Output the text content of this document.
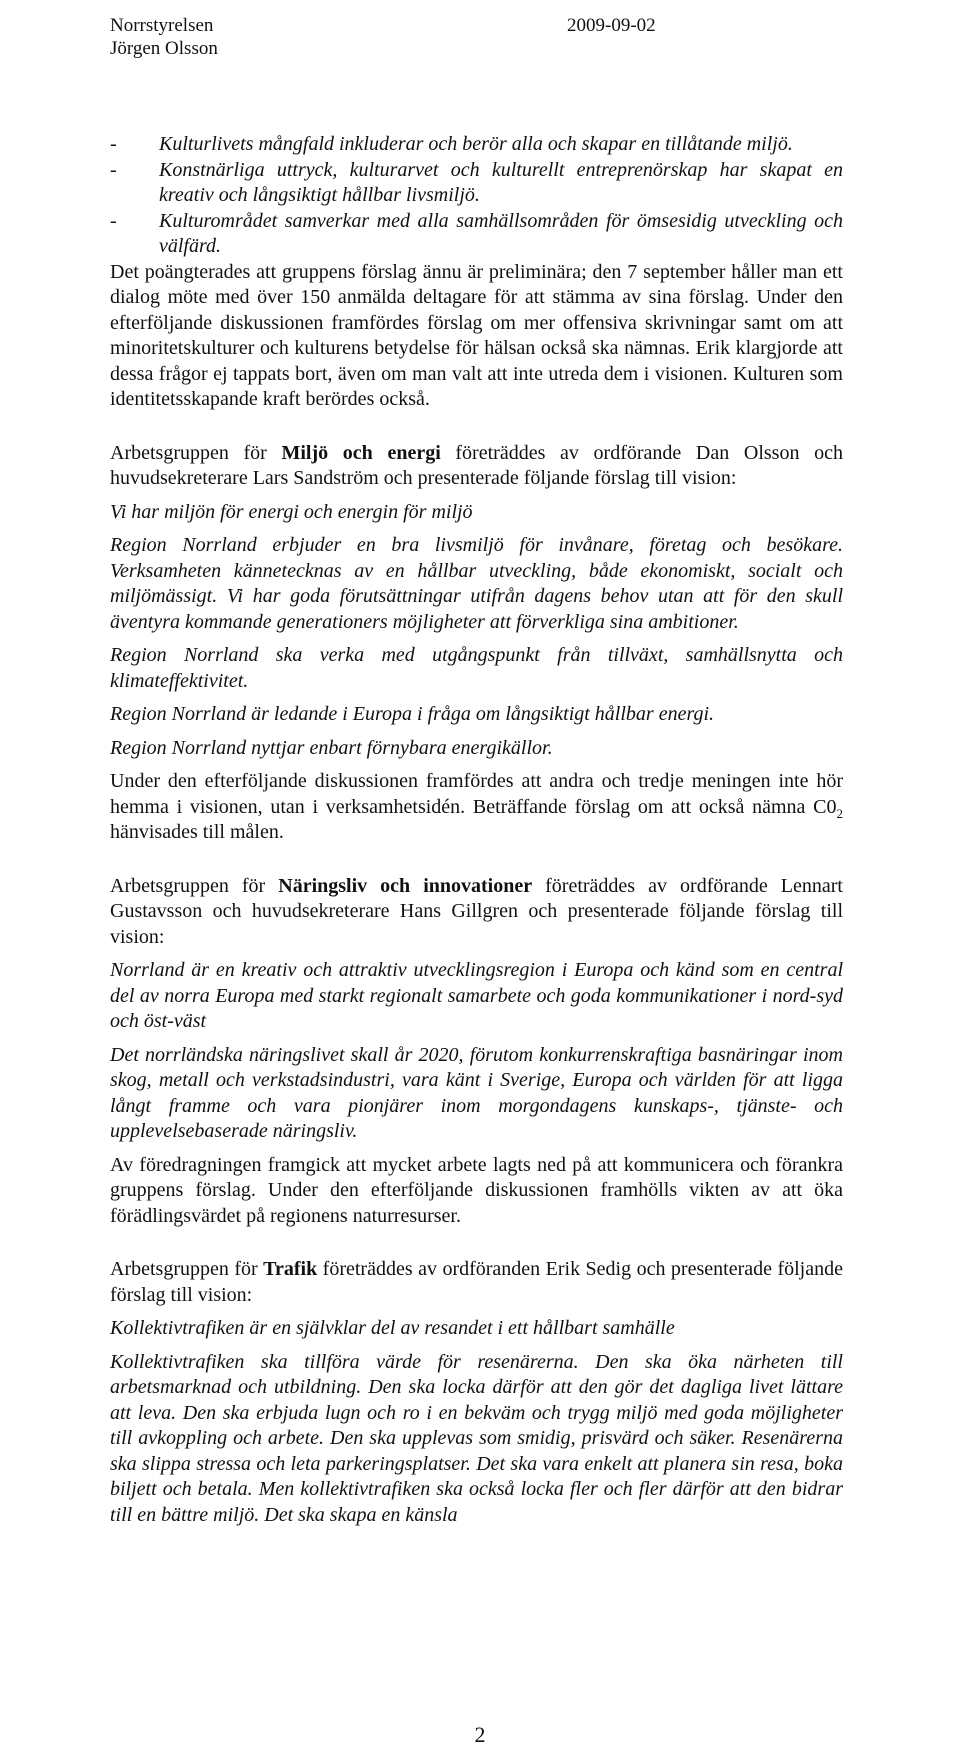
Norrstyrelsen
Jörgen Olsson
2009-09-02

- Kulturlivets mångfald inkluderar och berör alla och skapar en tillåtande miljö.

- Konstnärliga uttryck, kulturarvet och kulturellt entreprenörskap har skapat en kreativ och långsiktigt hållbar livsmiljö.

- Kulturområdet samverkar med alla samhällsområden för ömsesidig utveckling och välfärd.

Det poängterades att gruppens förslag ännu är preliminära; den 7 september håller man ett dialog möte med över 150 anmälda deltagare för att stämma av sina förslag. Under den efterföljande diskussionen framfördes förslag om mer offensiva skrivningar samt om att minoritetskulturer och kulturens betydelse för hälsan också ska nämnas. Erik klargjorde att dessa frågor ej tappats bort, även om man valt att inte utreda dem i visionen. Kulturen som identitetsskapande kraft berördes också.

Arbetsgruppen för Miljö och energi företräddes av ordförande Dan Olsson och huvudsekreterare Lars Sandström och presenterade följande förslag till vision:

Vi har miljön för energi och energin för miljö

Region Norrland erbjuder en bra livsmiljö för invånare, företag och besökare. Verksamheten kännetecknas av en hållbar utveckling, både ekonomiskt, socialt och miljömässigt. Vi har goda förutsättningar utifrån dagens behov utan att för den skull äventyra kommande generationers möjligheter att förverkliga sina ambitioner.

Region Norrland ska verka med utgångspunkt från tillväxt, samhällsnytta och klimateffektivitet.

Region Norrland är ledande i Europa i fråga om långsiktigt hållbar energi.

Region Norrland nyttjar enbart förnybara energikällor.

Under den efterföljande diskussionen framfördes att andra och tredje meningen inte hör hemma i visionen, utan i verksamhetsidén. Beträffande förslag om att också nämna $C0_2$ hänvisades till målen.

Arbetsgruppen för Näringsliv och innovationer företräddes av ordförande Lennart Gustavsson och huvudsekreterare Hans Gillgren och presenterade följande förslag till vision:

Norrland är en kreativ och attraktiv utvecklingsregion i Europa och känd som en central del av norra Europa med starkt regionalt samarbete och goda kommunikationer i nord-syd och öst-väst

Det norrländska näringslivet skall år 2020, förutom konkurrenskraftiga basnäringar inom skog, metall och verkstadsindustri, vara känt i Sverige, Europa och världen för att ligga långt framme och vara pionjärer inom morgondagens kunskaps-, tjänste- och upplevelsebaserade näringsliv.

Av föredragningen framgick att mycket arbete lagts ned på att kommunicera och förankra gruppens förslag. Under den efterföljande diskussionen framhölls vikten av att öka förädlingsvärdet på regionens naturresurser.

Arbetsgruppen för Trafik företräddes av ordföranden Erik Sedig och presenterade följande förslag till vision:

Kollektivtrafiken är en självklar del av resandet i ett hållbart samhälle

Kollektivtrafiken ska tillföra värde för resenärerna. Den ska öka närheten till arbetsmarknad och utbildning. Den ska locka därför att den gör det dagliga livet lättare att leva. Den ska erbjuda lugn och ro i en bekväm och trygg miljö med goda möjligheter till avkoppling och arbete. Den ska upplevas som smidig, prisvärd och säker. Resenärerna ska slippa stressa och leta parkeringsplatser. Det ska vara enkelt att planera sin resa, boka biljett och betala. Men kollektivtrafiken ska också locka fler och fler därför att den bidrar till en bättre miljö. Det ska skapa en känsla

2
